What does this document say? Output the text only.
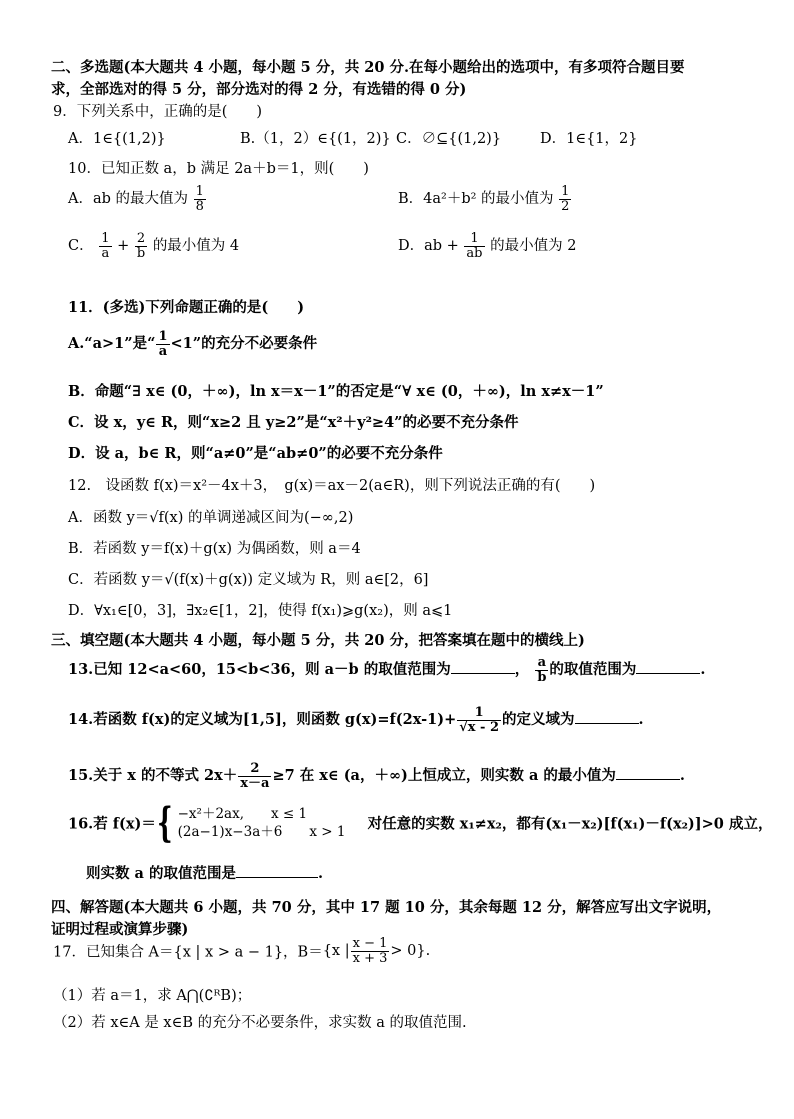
二、多选题(本大题共 4 小题，每小题 5 分，共 20 分.在每小题给出的选项中，有多项符合题目要
求，全部选对的得 5 分，部分选对的得 2 分，有选错的得 0 分)
9．下列关系中，正确的是(　　)
A．1∈{(1,2)}	B.（1，2）∈{(1，2)} C．∅⊆{(1,2)}	D．1∈{1，2}
10．已知正数 a，b 满足 2a＋b＝1，则(　　)
A．ab 的最大值为 $\frac{1}{8}$	B．4a²＋b² 的最小值为 $\frac{1}{2}$
C． $\frac{1}{a} + \frac{2}{b}$ 的最小值为 4	D．ab + $\frac{1}{ab}$ 的最小值为 2
11．(多选)下列命题正确的是(　　)
A.“a>1”是“ $\frac{1}{a} <1$”的充分不必要条件
B．命题“∃ x∈ (0，＋∞)，ln x＝x－1”的否定是“∀ x∈ (0，＋∞)，ln x≠x－1”
C．设 x，y∈ R，则“x≥2 且 y≥2”是“x²＋y²≥4”的必要不充分条件
D．设 a，b∈ R，则“a≠0”是“ab≠0”的必要不充分条件
12.　设函数 f(x)＝x²－4x＋3，　g(x)＝ax－2(a∈R)，则下列说法正确的有(　　)
A．函数 y＝√f(x) 的单调递减区间为(−∞,2)
B．若函数 y＝f(x)＋g(x) 为偶函数，则 a＝4
C．若函数 y＝√(f(x)＋g(x)) 定义域为 R，则 a∈[2，6]
D．∀x₁∈[0，3]，∃x₂∈[1，2]，使得 f(x₁)⩾g(x₂)，则 a⩽1
三、填空题(本大题共 4 小题，每小题 5 分，共 20 分，把答案填在题中的横线上)
13.已知 12<a<60，15<b<36，则 a－b 的取值范围为	， $\frac{a}{b}$ 的取值范围为	.
14.若函数 f(x)的定义域为[1,5]，则函数 $g(x)=f(2x-1)+ \frac{1}{√x - 2}$ 的定义域为	.
15.关于 x 的不等式 $2x+ \frac{2}{x-a} \ge 7$ 在 x∈ (a，＋∞)上恒成立，则实数 a 的最小值为	.
16.若 f(x)＝{ −x²＋2ax,　　x ≤ 1
(2a−1)x−3a＋6　　x > 1	对任意的实数 x₁≠x₂，都有(x₁－x₂)[f(x₁)－f(x₂)]>0 成立，
则实数 a 的取值范围是	.
四、解答题(本大题共 6 小题，共 70 分，其中 17 题 10 分，其余每题 12 分，解答应写出文字说明，
证明过程或演算步骤)
17．已知集合 A＝{x | x > a − 1}，B＝{x | $\frac{x - 1}{x + 3} > 0$}.
（1）若 a＝1，求 A⋂(∁ᴿB)；
（2）若 x∈A 是 x∈B 的充分不必要条件，求实数 a 的取值范围.
